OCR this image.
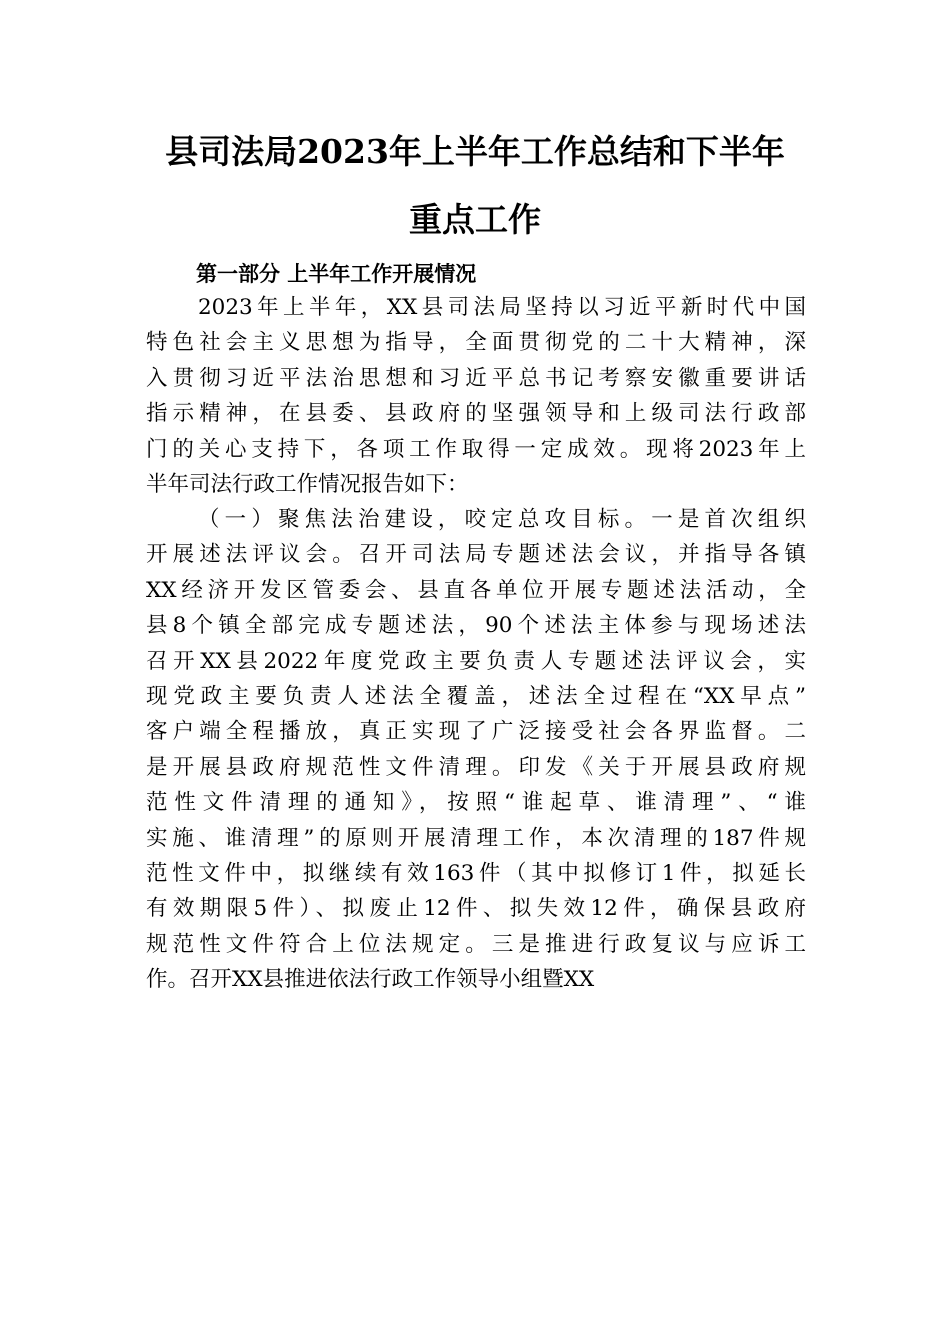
县司法局2023年上半年工作总结和下半年
重点工作
第一部分 上半年工作开展情况
2023年上半年，XX县司法局坚持以习近平新时代中国
特色社会主义思想为指导，全面贯彻党的二十大精神，深
入贯彻习近平法治思想和习近平总书记考察安徽重要讲话
指示精神，在县委、县政府的坚强领导和上级司法行政部
门的关心支持下，各项工作取得一定成效。现将2023年上
半年司法行政工作情况报告如下：
（一）聚焦法治建设，咬定总攻目标。一是首次组织
开展述法评议会。召开司法局专题述法会议，并指导各镇
XX经济开发区管委会、县直各单位开展专题述法活动，全
县8个镇全部完成专题述法，90个述法主体参与现场述法
召开XX县2022年度党政主要负责人专题述法评议会，实
现党政主要负责人述法全覆盖，述法全过程在“XX早点”
客户端全程播放，真正实现了广泛接受社会各界监督。二
是开展县政府规范性文件清理。印发《关于开展县政府规
范性文件清理的通知》，按照“谁起草、谁清理”、“谁
实施、谁清理”的原则开展清理工作，本次清理的187件规
范性文件中，拟继续有效163件（其中拟修订1件，拟延长
有效期限5件）、拟废止12件、拟失效12件，确保县政府
规范性文件符合上位法规定。三是推进行政复议与应诉工
作。召开XX县推进依法行政工作领导小组暨XX
